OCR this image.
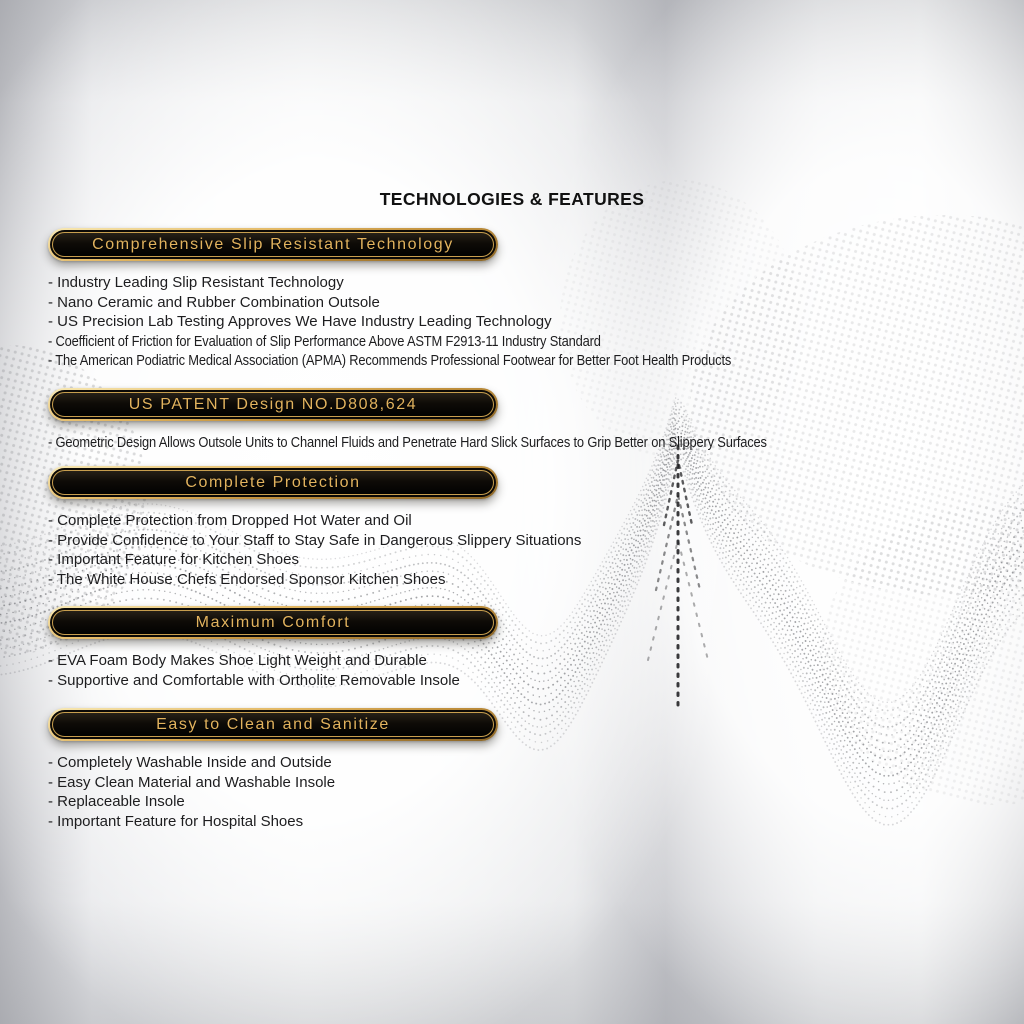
TECHNOLOGIES & FEATURES
Comprehensive Slip Resistant Technology
- Industry Leading Slip Resistant Technology
- Nano Ceramic and Rubber Combination Outsole
- US Precision Lab Testing Approves We Have Industry Leading Technology
- Coefficient of Friction for Evaluation of Slip Performance Above ASTM F2913-11 Industry Standard
- The American Podiatric Medical Association (APMA) Recommends Professional Footwear for Better Foot Health Products
US PATENT Design NO.D808,624
- Geometric Design Allows Outsole Units to Channel Fluids and Penetrate Hard Slick Surfaces to Grip Better on Slippery Surfaces
Complete Protection
- Complete Protection from Dropped Hot Water and Oil
- Provide Confidence to Your Staff to Stay Safe in Dangerous Slippery Situations
- Important Feature for Kitchen Shoes
- The White House Chefs Endorsed Sponsor Kitchen Shoes
Maximum Comfort
- EVA Foam Body Makes Shoe Light Weight and Durable
- Supportive and Comfortable with Ortholite Removable Insole
Easy to Clean and Sanitize
- Completely Washable Inside and Outside
- Easy Clean Material and Washable Insole
- Replaceable Insole
- Important Feature for Hospital Shoes
